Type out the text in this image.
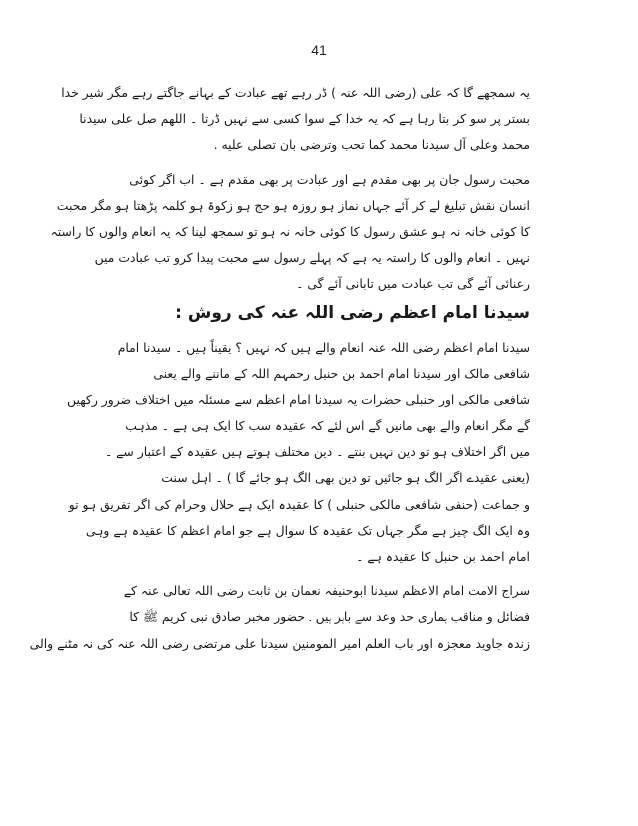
41
یہ سمجھے گا کہ علی (رضی اللہ عنہ ) ڈر رہے تھے عبادت کے بہانے جاگتے رہے مگر شیر خدا
بستر پر سو کر بتا رہا ہے کہ یہ خدا کے سوا کسی سے نہیں ڈرتا ۔ اللھم صل علی سیدنا
محمد وعلی آل سیدنا محمد کما تحب وترضی بان تصلی علیه .
محبت رسول جان پر بھی مقدم ہے اور عبادت پر بھی مقدم ہے ۔ اب اگر کوئی
انسان نقش تبلیغ لے کر آئے جہاں نماز ہو روزہ ہو حج ہو زکوۃ ہو کلمہ پڑھتا ہو مگر محبت
کا کوئی خانہ نہ ہو عشق رسول کا کوئی خانہ نہ ہو تو سمجھ لینا کہ یہ انعام والوں کا راستہ
نہیں ۔ انعام والوں کا راستہ یہ ہے کہ پہلے رسول سے محبت پیدا کرو تب عبادت میں
رعنائی آئے گی تب عبادت میں تابانی آئے گی ۔
سیدنا امام اعظم رضی اللہ عنہ کی روش :
سیدنا امام اعظم رضی اللہ عنہ انعام والے ہیں کہ نہیں ؟ یقیناً ہیں ۔ سیدنا امام
شافعی مالک اور سیدنا امام احمد بن حنبل رحمہم اللہ کے ماننے والے یعنی
شافعی مالکی اور حنبلی حضرات یہ سیدنا امام اعظم سے مسئلہ میں اختلاف ضرور رکھیں
گے مگر انعام والے بھی مانیں گے اس لئے کہ عقیدہ سب کا ایک ہی ہے ۔ مذہب
میں اگر اختلاف ہو تو دین نہیں بنتے ۔ دین مختلف ہوتے ہیں عقیدہ کے اعتبار سے ۔
(یعنی عقیدے اگر الگ ہو جائیں تو دین بھی الگ ہو جائے گا ) ۔ اہل سنت
و جماعت (حنفی شافعی مالکی حنبلی ) کا عقیدہ ایک ہے حلال وحرام کی اگر تفریق ہو تو
وہ ایک الگ چیز ہے مگر جہاں تک عقیدہ کا سوال ہے جو امام اعظم کا عقیدہ ہے وہی
امام احمد بن حنبل کا عقیدہ ہے ۔
سراج الامت امام الاعظم سیدنا ابوحنیفہ نعمان بن ثابت رضی اللہ تعالی عنہ کے
فضائل و مناقب ہماری حد وعد سے باہر ہیں ۔ حضور مخبر صادق نبی کریم ﷺ کا
زندہ جاوید معجزہ اور باب العلم امیر المومنین سیدنا علی مرتضی رضی اللہ عنہ کی نہ مٹنے والی
